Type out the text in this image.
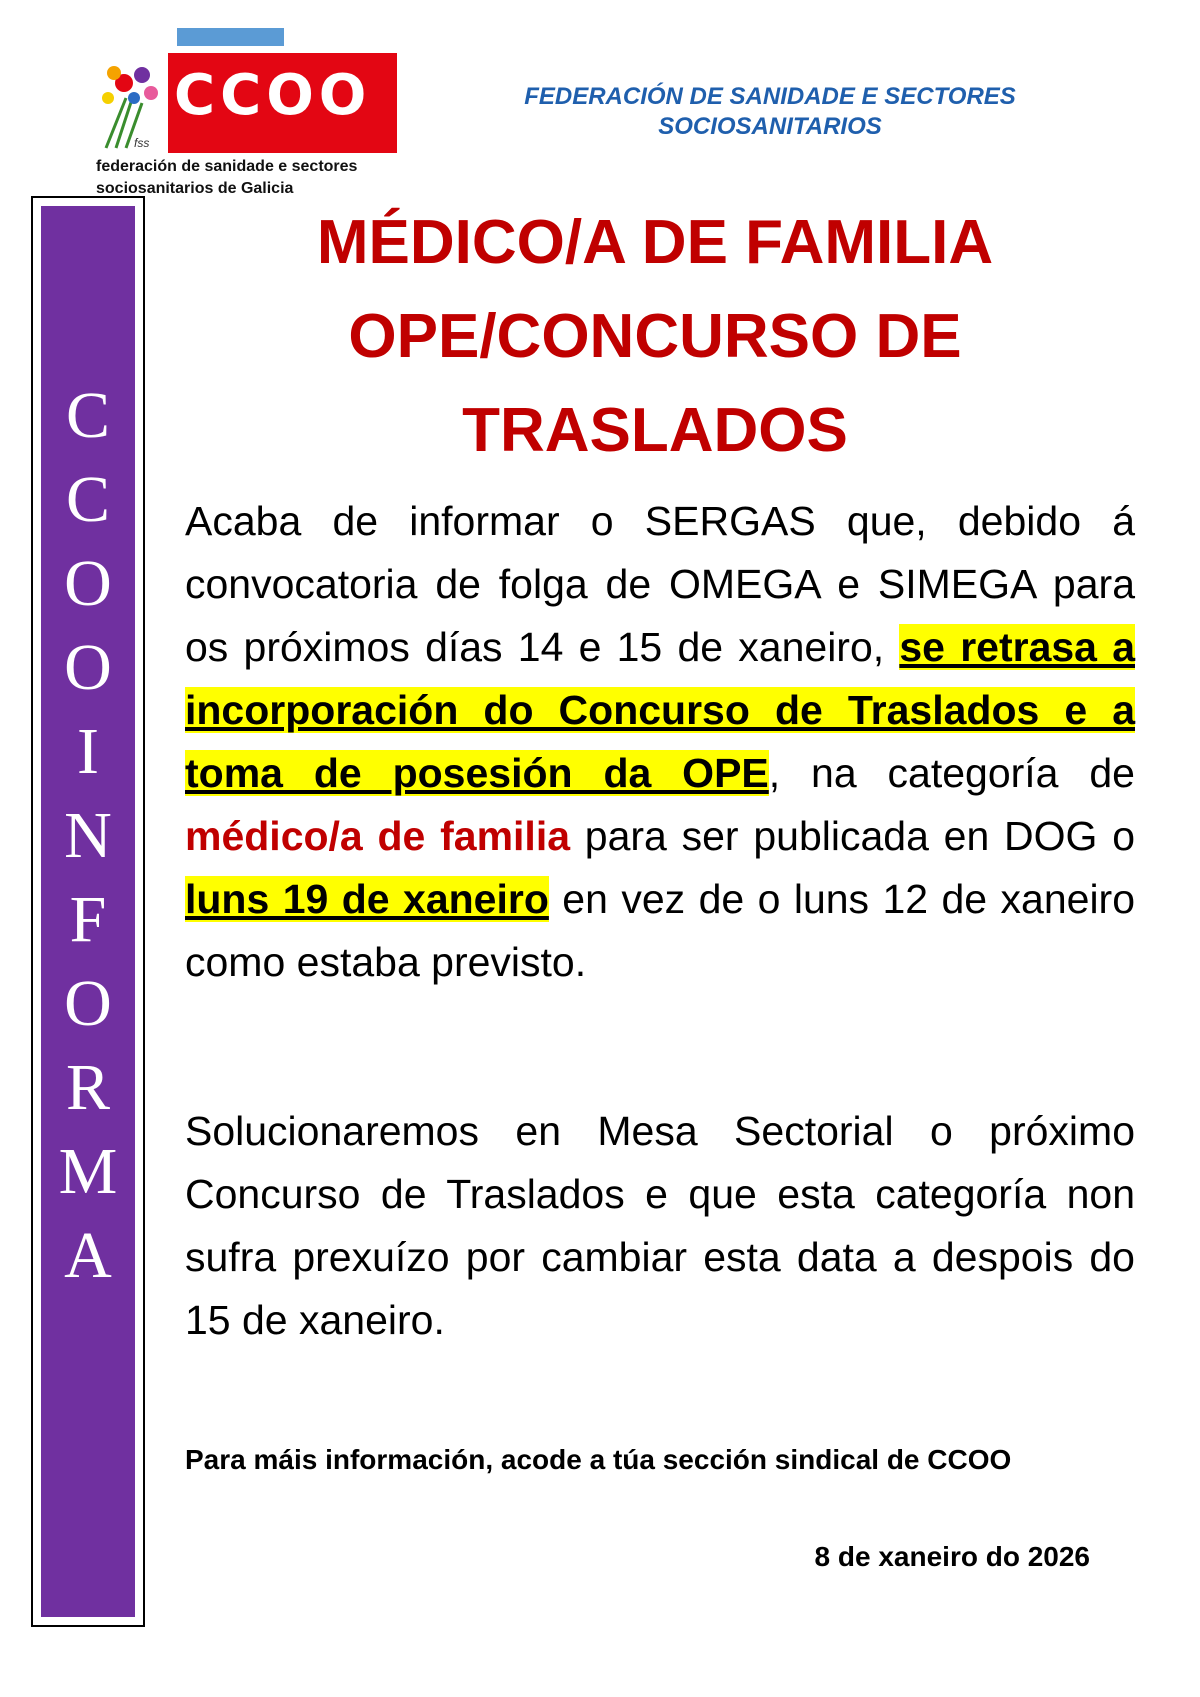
CCOO
fss
federación de sanidade e sectores
sociosanitarios de Galicia
FEDERACIÓN DE SANIDADE E SECTORES
SOCIOSANITARIOS
C
C
O
O
I
N
F
O
R
M
A
MÉDICO/A DE FAMILIA
OPE/CONCURSO DE
TRASLADOS
Acaba de informar o SERGAS que, debido á convocatoria de folga de OMEGA e SIMEGA para os próximos días 14 e 15 de xaneiro, se retrasa a incorporación do Concurso de Traslados e a toma de posesión da OPE, na categoría de médico/a de familia para ser publicada en DOG o luns 19 de xaneiro en vez de o luns 12 de xaneiro como estaba previsto.
Solucionaremos en Mesa Sectorial o próximo Concurso de Traslados e que esta categoría non sufra prexuízo por cambiar esta data a despois do 15 de xaneiro.
Para máis información, acode a túa sección sindical de CCOO
8 de xaneiro do 2026
